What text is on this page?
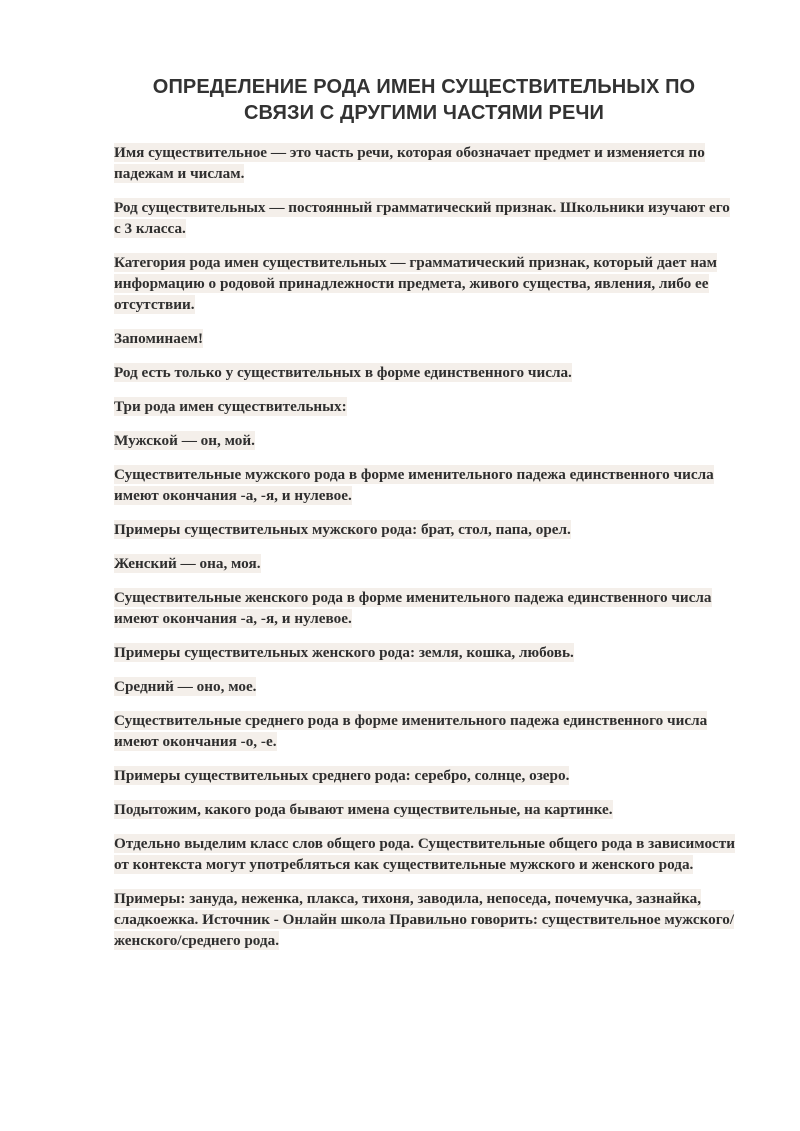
ОПРЕДЕЛЕНИЕ РОДА ИМЕН СУЩЕСТВИТЕЛЬНЫХ ПО
СВЯЗИ С ДРУГИМИ ЧАСТЯМИ РЕЧИ

Имя существительное — это часть речи, которая обозначает предмет и изменяется по падежам и числам.

Род существительных — постоянный грамматический признак. Школьники изучают его с 3 класса.

Категория рода имен существительных — грамматический признак, который дает нам информацию о родовой принадлежности предмета, живого существа, явления, либо ее отсутствии.

Запоминаем!

Род есть только у существительных в форме единственного числа.

Три рода имен существительных:

Мужской — он, мой.

Существительные мужского рода в форме именительного падежа единственного числа имеют окончания -а, -я, и нулевое.

Примеры существительных мужского рода: брат, стол, папа, орел.

Женский — она, моя.

Существительные женского рода в форме именительного падежа единственного числа имеют окончания -а, -я, и нулевое.

Примеры существительных женского рода: земля, кошка, любовь.

Средний — оно, мое.

Существительные среднего рода в форме именительного падежа единственного числа имеют окончания -о, -е.

Примеры существительных среднего рода: серебро, солнце, озеро.

Подытожим, какого рода бывают имена существительные, на картинке.

Отдельно выделим класс слов общего рода. Существительные общего рода в зависимости от контекста могут употребляться как существительные мужского и женского рода.

Примеры: зануда, неженка, плакса, тихоня, заводила, непоседа, почемучка, зазнайка, сладкоежка. Источник - Онлайн школа Правильно говорить: существительное мужского/женского/среднего рода.
